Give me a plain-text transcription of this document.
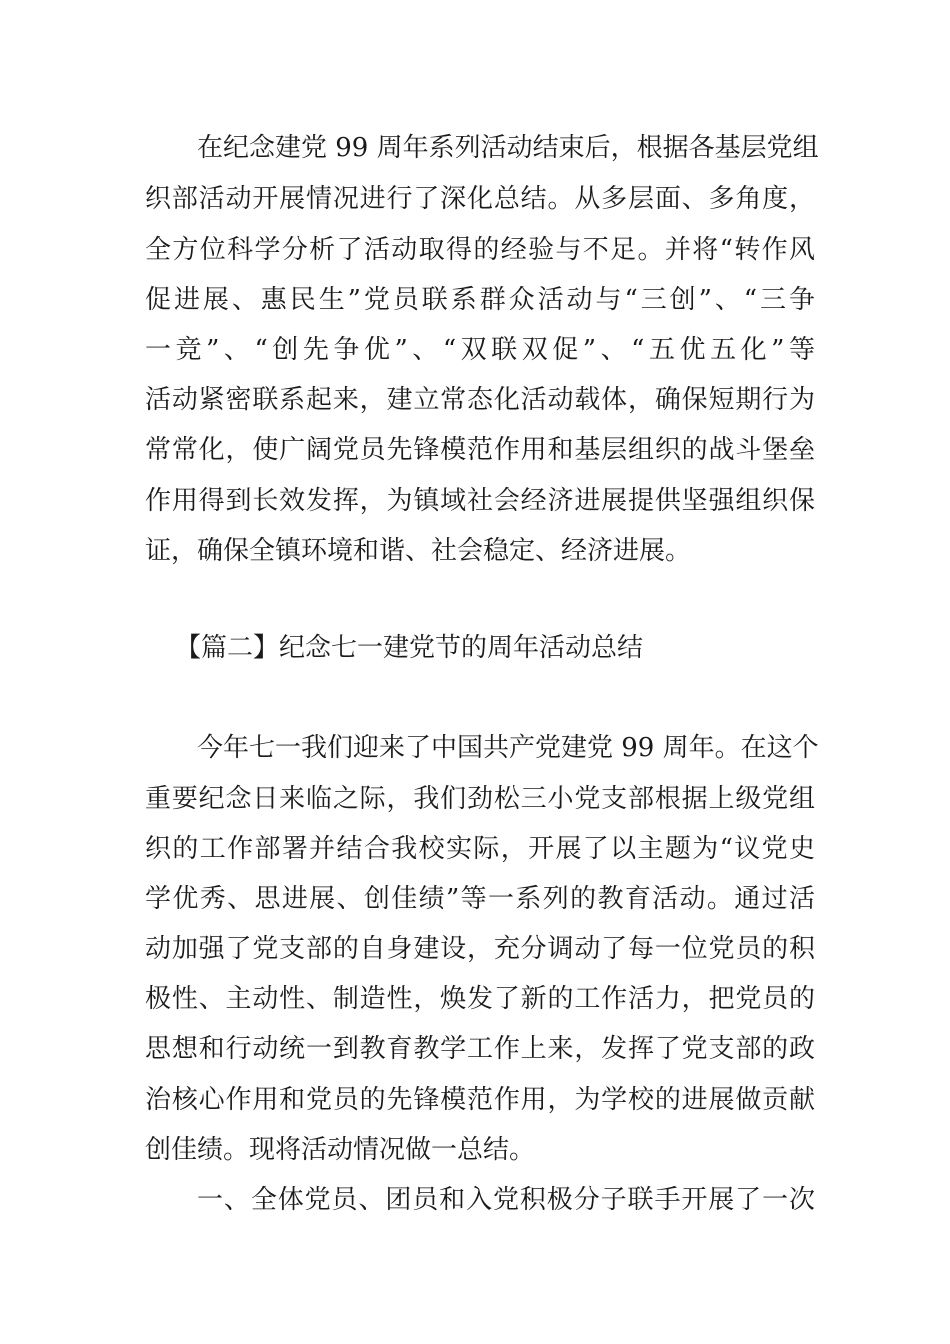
在纪念建党 99 周年系列活动结束后，根据各基层党组
织部活动开展情况进行了深化总结。从多层面、多角度，
全方位科学分析了活动取得的经验与不足。并将“转作风
促进展、惠民生”党员联系群众活动与“三创”、“三争
一竞”、“创先争优”、“双联双促”、“五优五化”等
活动紧密联系起来，建立常态化活动载体，确保短期行为
常常化，使广阔党员先锋模范作用和基层组织的战斗堡垒
作用得到长效发挥，为镇域社会经济进展提供坚强组织保
证，确保全镇环境和谐、社会稳定、经济进展。
【篇二】纪念七一建党节的周年活动总结
今年七一我们迎来了中国共产党建党 99 周年。在这个
重要纪念日来临之际，我们劲松三小党支部根据上级党组
织的工作部署并结合我校实际，开展了以主题为“议党史
学优秀、思进展、创佳绩”等一系列的教育活动。通过活
动加强了党支部的自身建设，充分调动了每一位党员的积
极性、主动性、制造性，焕发了新的工作活力，把党员的
思想和行动统一到教育教学工作上来，发挥了党支部的政
治核心作用和党员的先锋模范作用，为学校的进展做贡献
创佳绩。现将活动情况做一总结。
一、全体党员、团员和入党积极分子联手开展了一次
